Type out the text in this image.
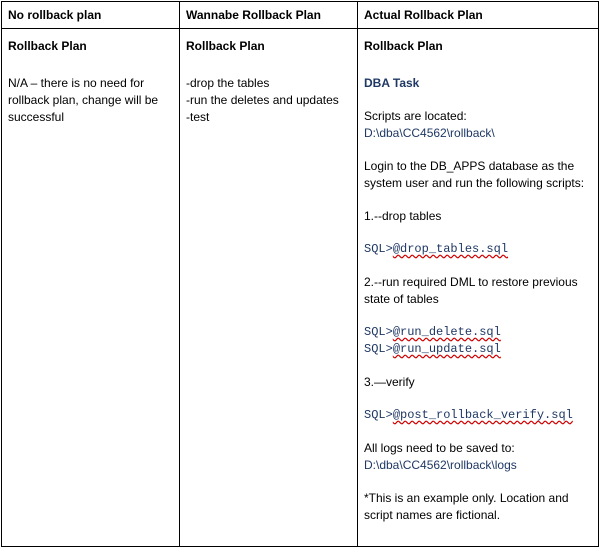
No rollback plan	Wannabe Rollback Plan	Actual Rollback Plan

Rollback Plan

N/A – there is no need for rollback plan, change will be successful

Rollback Plan

-drop the tables
-run the deletes and updates
-test

Rollback Plan

DBA Task

Scripts are located:

D:\dba\CC4562\rollback\

Login to the DB_APPS database as the system user and run the following scripts:

1.--drop tables

SQL>@drop_tables.sql

2.--run required DML to restore previous state of tables

SQL>@run_delete.sql

SQL>@run_update.sql

3.—verify

SQL>@post_rollback_verify.sql

All logs need to be saved to:

D:\dba\CC4562\rollback\logs

*This is an example only. Location and script names are fictional.
